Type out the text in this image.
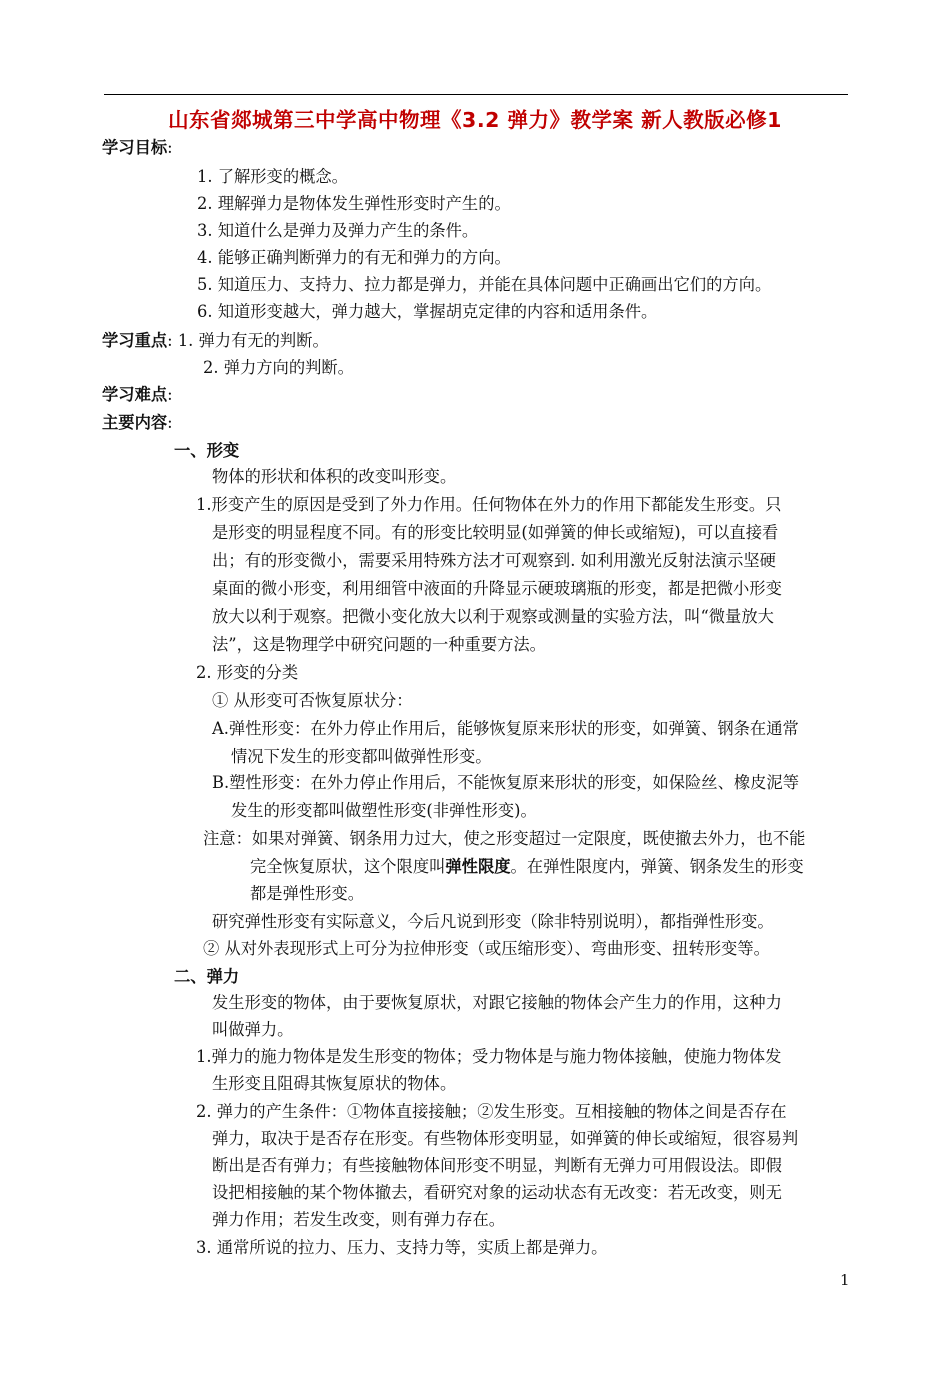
山东省郯城第三中学高中物理《3.2 弹力》教学案 新人教版必修1
学习目标:
1. 了解形变的概念。
2. 理解弹力是物体发生弹性形变时产生的。
3. 知道什么是弹力及弹力产生的条件。
4. 能够正确判断弹力的有无和弹力的方向。
5. 知道压力、支持力、拉力都是弹力，并能在具体问题中正确画出它们的方向。
6. 知道形变越大，弹力越大，掌握胡克定律的内容和适用条件。
学习重点: 1. 弹力有无的判断。
2. 弹力方向的判断。
学习难点:
主要内容:
一、形变
物体的形状和体积的改变叫形变。
1.形变产生的原因是受到了外力作用。任何物体在外力的作用下都能发生形变。只
是形变的明显程度不同。有的形变比较明显(如弹簧的伸长或缩短)，可以直接看
出；有的形变微小，需要采用特殊方法才可观察到. 如利用激光反射法演示坚硬
桌面的微小形变，利用细管中液面的升降显示硬玻璃瓶的形变，都是把微小形变
放大以利于观察。把微小变化放大以利于观察或测量的实验方法，叫“微量放大
法”，这是物理学中研究问题的一种重要方法。
2. 形变的分类
① 从形变可否恢复原状分：
A.弹性形变：在外力停止作用后，能够恢复原来形状的形变，如弹簧、钢条在通常
情况下发生的形变都叫做弹性形变。
B.塑性形变：在外力停止作用后，不能恢复原来形状的形变，如保险丝、橡皮泥等
发生的形变都叫做塑性形变(非弹性形变)。
注意：如果对弹簧、钢条用力过大，使之形变超过一定限度，既使撤去外力，也不能
完全恢复原状，这个限度叫弹性限度。在弹性限度内，弹簧、钢条发生的形变
都是弹性形变。
研究弹性形变有实际意义，今后凡说到形变（除非特别说明），都指弹性形变。
② 从对外表现形式上可分为拉伸形变（或压缩形变）、弯曲形变、扭转形变等。
二、弹力
发生形变的物体，由于要恢复原状，对跟它接触的物体会产生力的作用，这种力
叫做弹力。
1.弹力的施力物体是发生形变的物体；受力物体是与施力物体接触，使施力物体发
生形变且阻碍其恢复原状的物体。
2. 弹力的产生条件：①物体直接接触；②发生形变。互相接触的物体之间是否存在
弹力，取决于是否存在形变。有些物体形变明显，如弹簧的伸长或缩短，很容易判
断出是否有弹力；有些接触物体间形变不明显，判断有无弹力可用假设法。即假
设把相接触的某个物体撤去，看研究对象的运动状态有无改变：若无改变，则无
弹力作用；若发生改变，则有弹力存在。
3. 通常所说的拉力、压力、支持力等，实质上都是弹力。
1
